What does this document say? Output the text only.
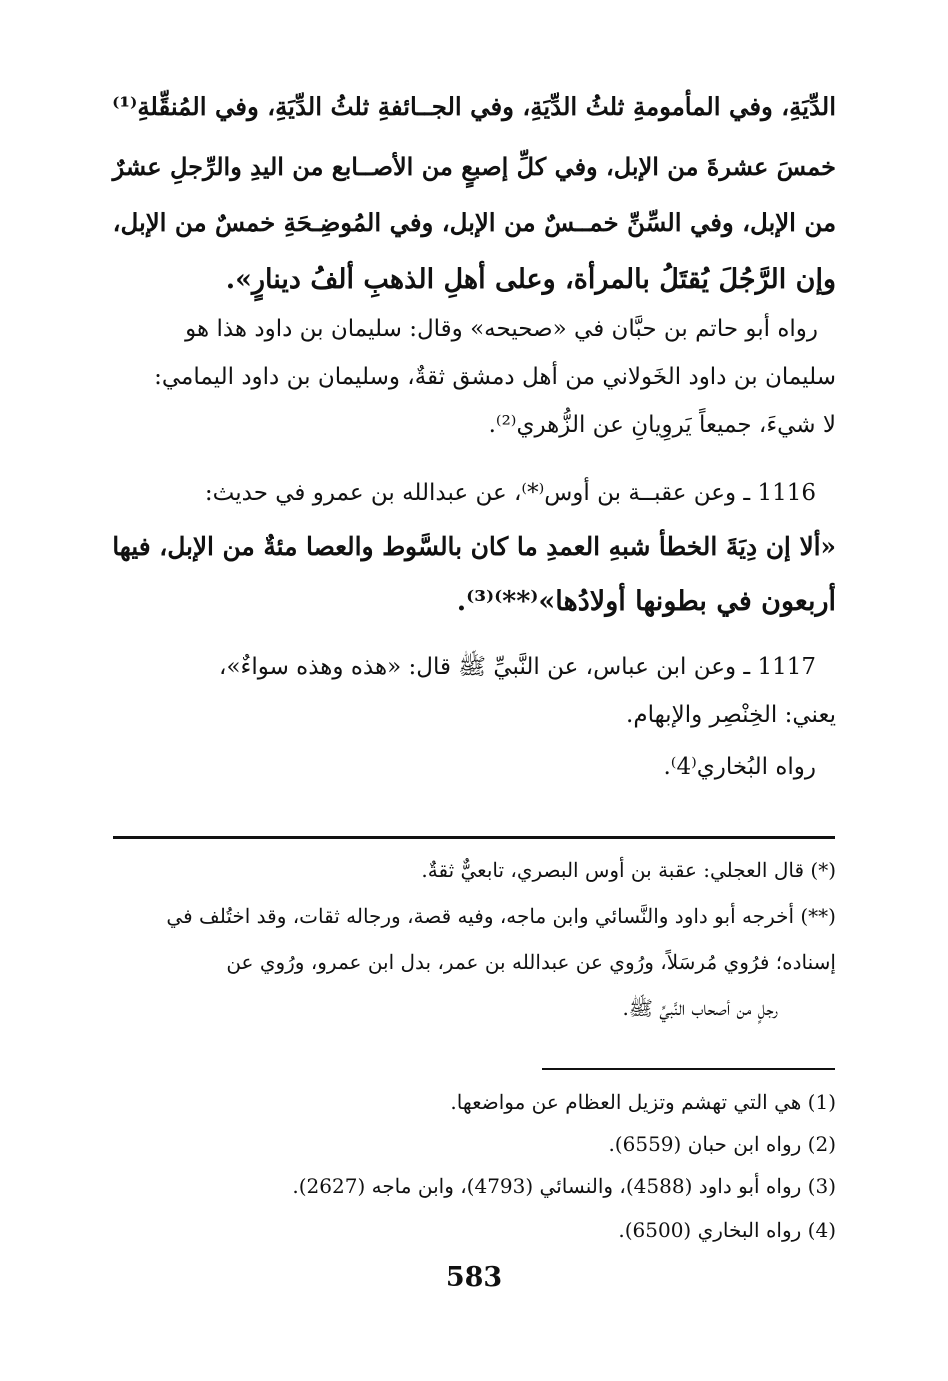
الدِّيَةِ، وفي المأمومةِ ثلثُ الدِّيَةِ، وفي الجــائفةِ ثلثُ الدِّيَةِ، وفي المُنقِّلةِ⁽¹⁾
خمسَ عشرةَ من الإبل، وفي كلِّ إصبعٍ من الأصــابع من اليدِ والرِّجلِ عشرٌ
من الإبل، وفي السِّنِّ خمــسٌ من الإبل، وفي المُوضِـحَةِ خمسٌ من الإبل،
وإن الرَّجُلَ يُقتَلُ بالمرأة، وعلى أهلِ الذهبِ ألفُ دينارٍ».
رواه أبو حاتم بن حبَّان في «صحيحه» وقال: سليمان بن داود هذا هو
سليمان بن داود الخَولاني من أهل دمشق ثقةٌ، وسليمان بن داود اليمامي:
لا شيءَ، جميعاً يَروِيانِ عن الزُّهري⁽²⁾.
1116 ـ وعن عقبــة بن أوس⁽*⁾، عن عبدالله بن عمرو في حديث:
«ألا إن دِيَةَ الخطأ شبهِ العمدِ ما كان بالسَّوط والعصا مئةٌ من الإبل، فيها
أربعون في بطونها أولادُها»⁽**⁾⁽³⁾.
1117 ـ وعن ابن عباس، عن النَّبيِّ ﷺ قال: «هذه وهذه سواءٌ»،
يعني: الخِنْصِر والإبهام.
رواه البُخاري⁽4⁾.
(*) قال العجلي: عقبة بن أوس البصري، تابعيٌّ ثقةٌ.
(**) أخرجه أبو داود والنَّسائي وابن ماجه، وفيه قصة، ورجاله ثقات، وقد اختُلف في
إسناده؛ فرُوي مُرسَلاً، ورُوي عن عبدالله بن عمر، بدل ابن عمرو، ورُوي عن
رجلٍ من أصحاب النَّبيِّ ﷺ.
(1) هي التي تهشم وتزيل العظام عن مواضعها.
(2) رواه ابن حبان (6559).
(3) رواه أبو داود (4588)، والنسائي (4793)، وابن ماجه (2627).
(4) رواه البخاري (6500).
583
